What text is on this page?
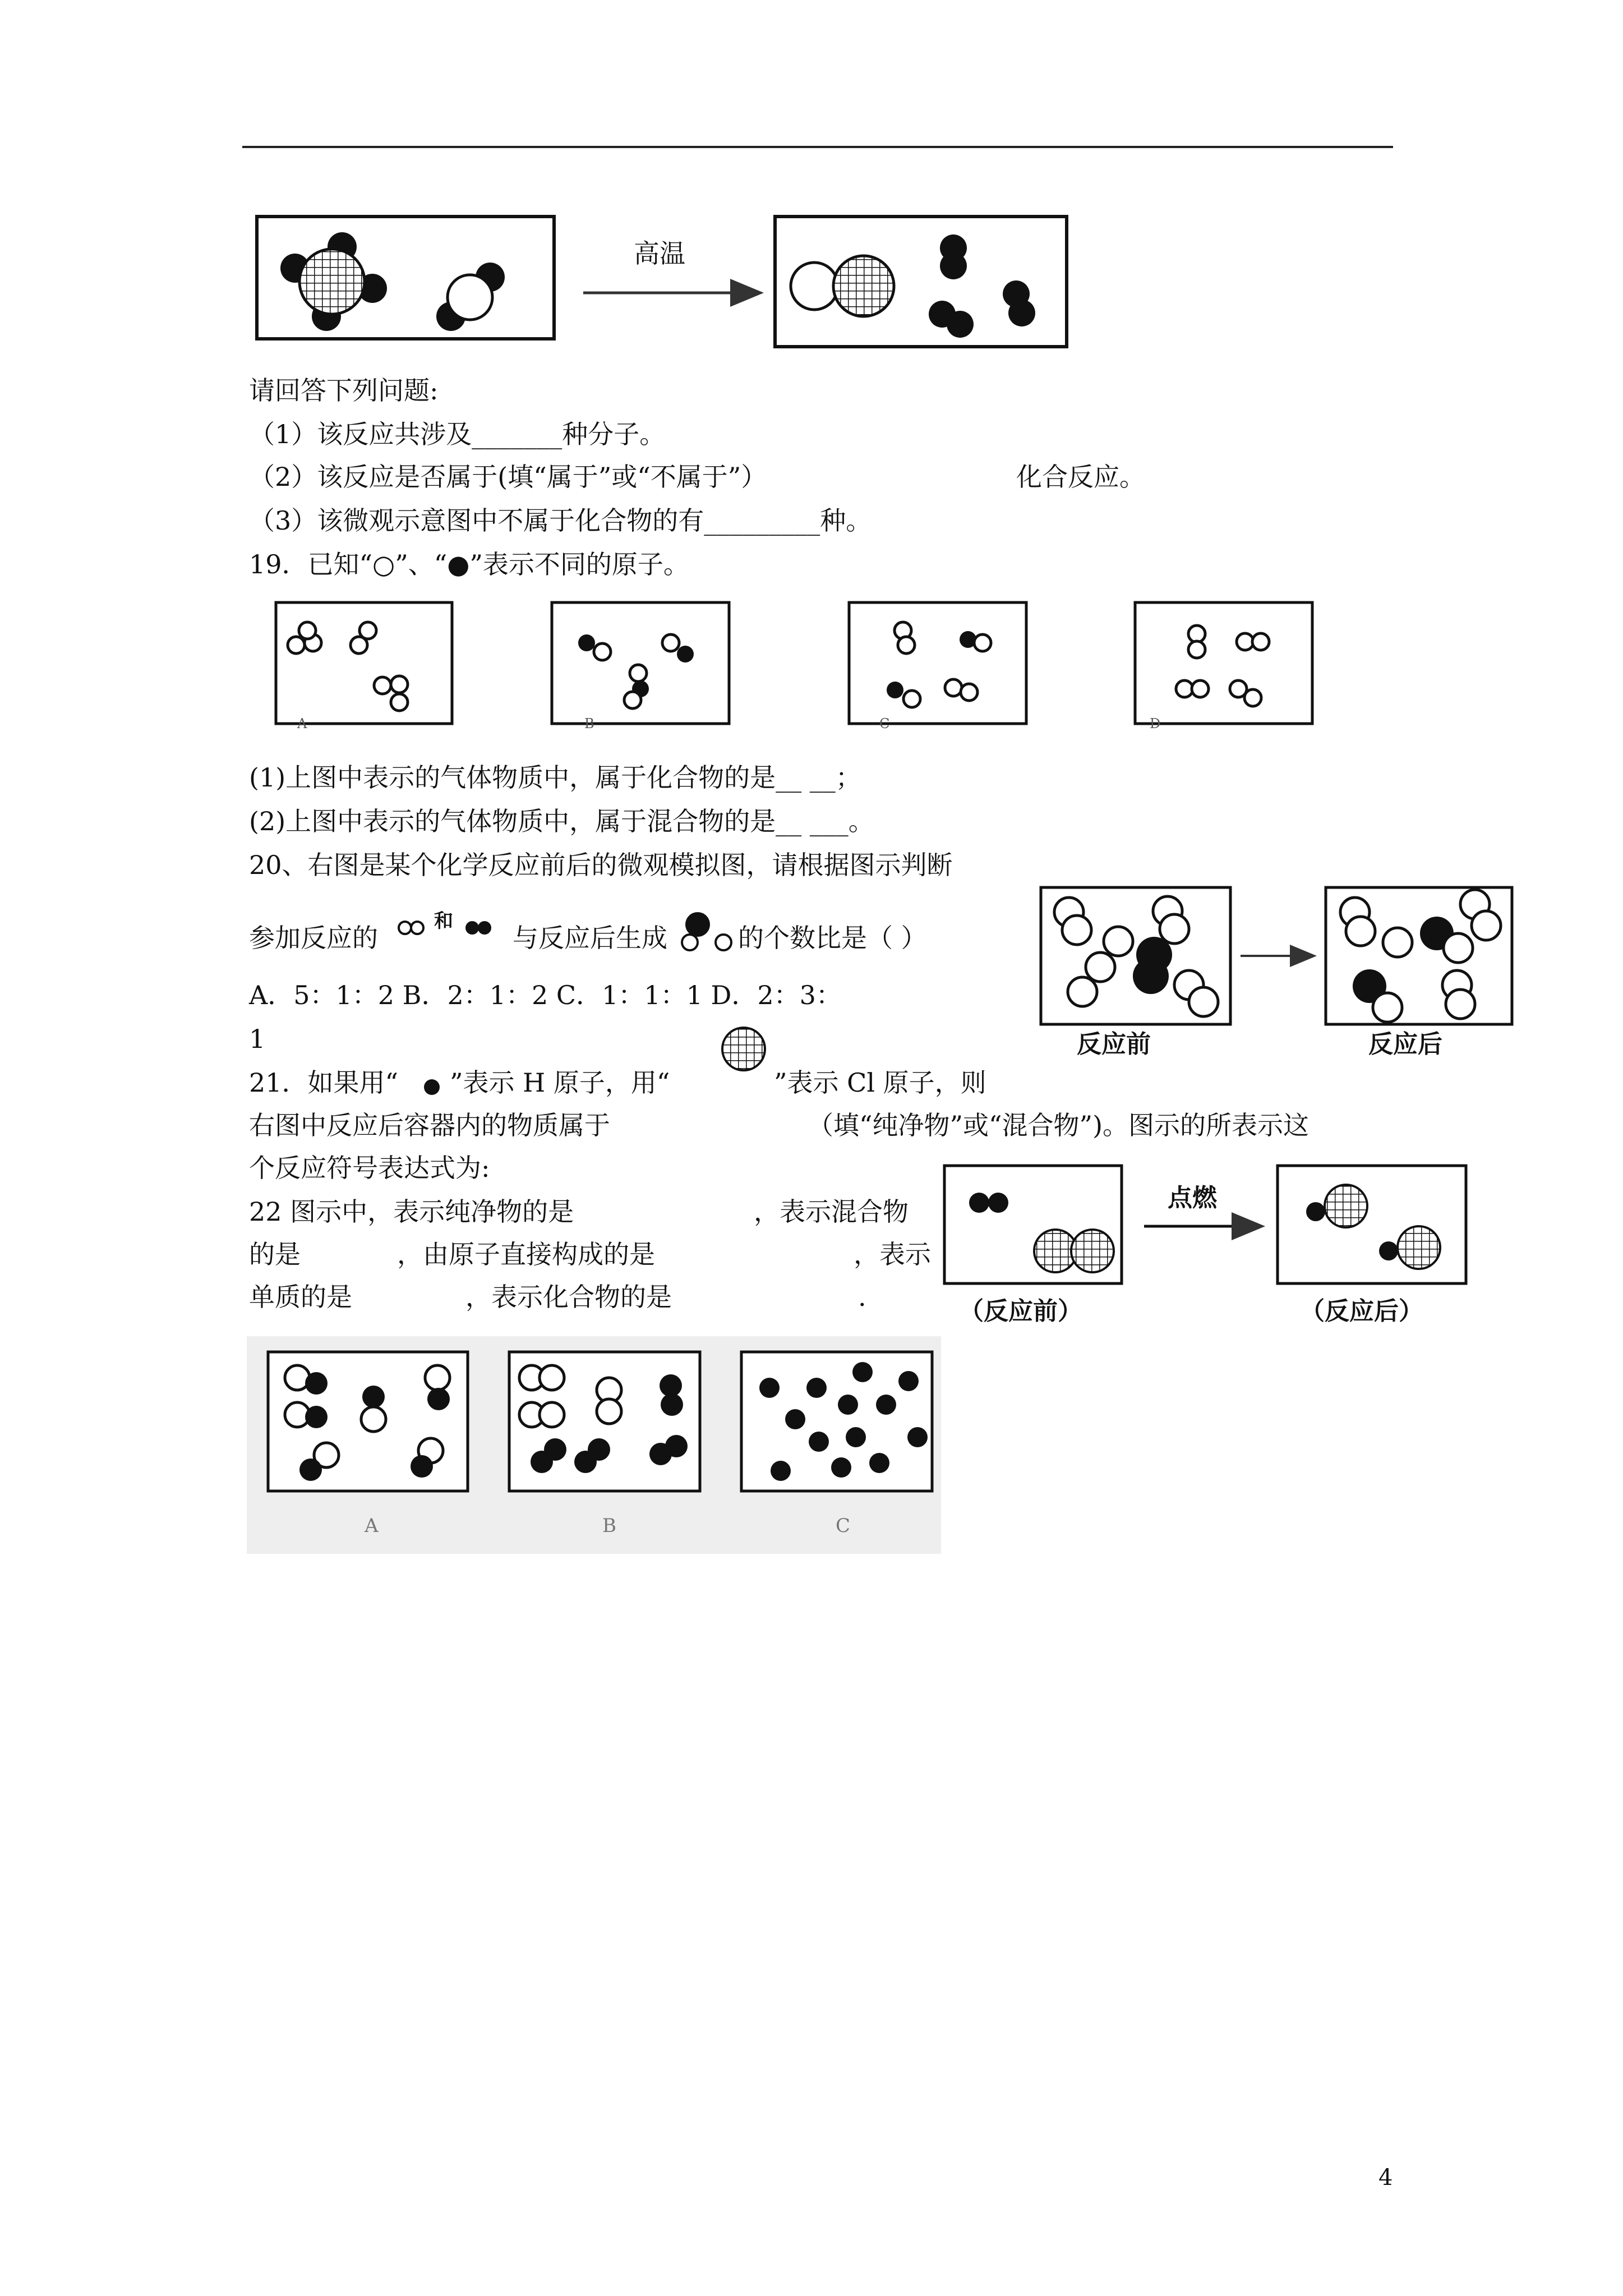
高温
请回答下列问题:
（1）该反应共涉及_______种分子。
（2）该反应是否属于(填“属于”或“不属于”）	化合反应。
（3）该微观示意图中不属于化合物的有_________种。
19．已知“○”、“●”表示不同的原子。
A	B	C	D
(1)上图中表示的气体物质中，属于化合物的是__ __；
(2)上图中表示的气体物质中，属于混合物的是__ ___。
20、右图是某个化学反应前后的微观模拟图，请根据图示判断
参加反应的
和
与反应后生成	的个数比是（ ）
A．5：1：2 B．2：1：2 C．1：1：1 D．2：3：
1	反应前	反应后
21．如果用“ ”表示 H 原子，用“	”表示 Cl 原子，则
右图中反应后容器内的物质属于	（填“纯净物”或“混合物”)。图示的所表示这
个反应符号表达式为:
点燃
（反应前）	（反应后）
22 图示中，表示纯净物的是	，表示混合物
的是	，由原子直接构成的是	，表示
单质的是	，表示化合物的是	.
A	B	C
4
